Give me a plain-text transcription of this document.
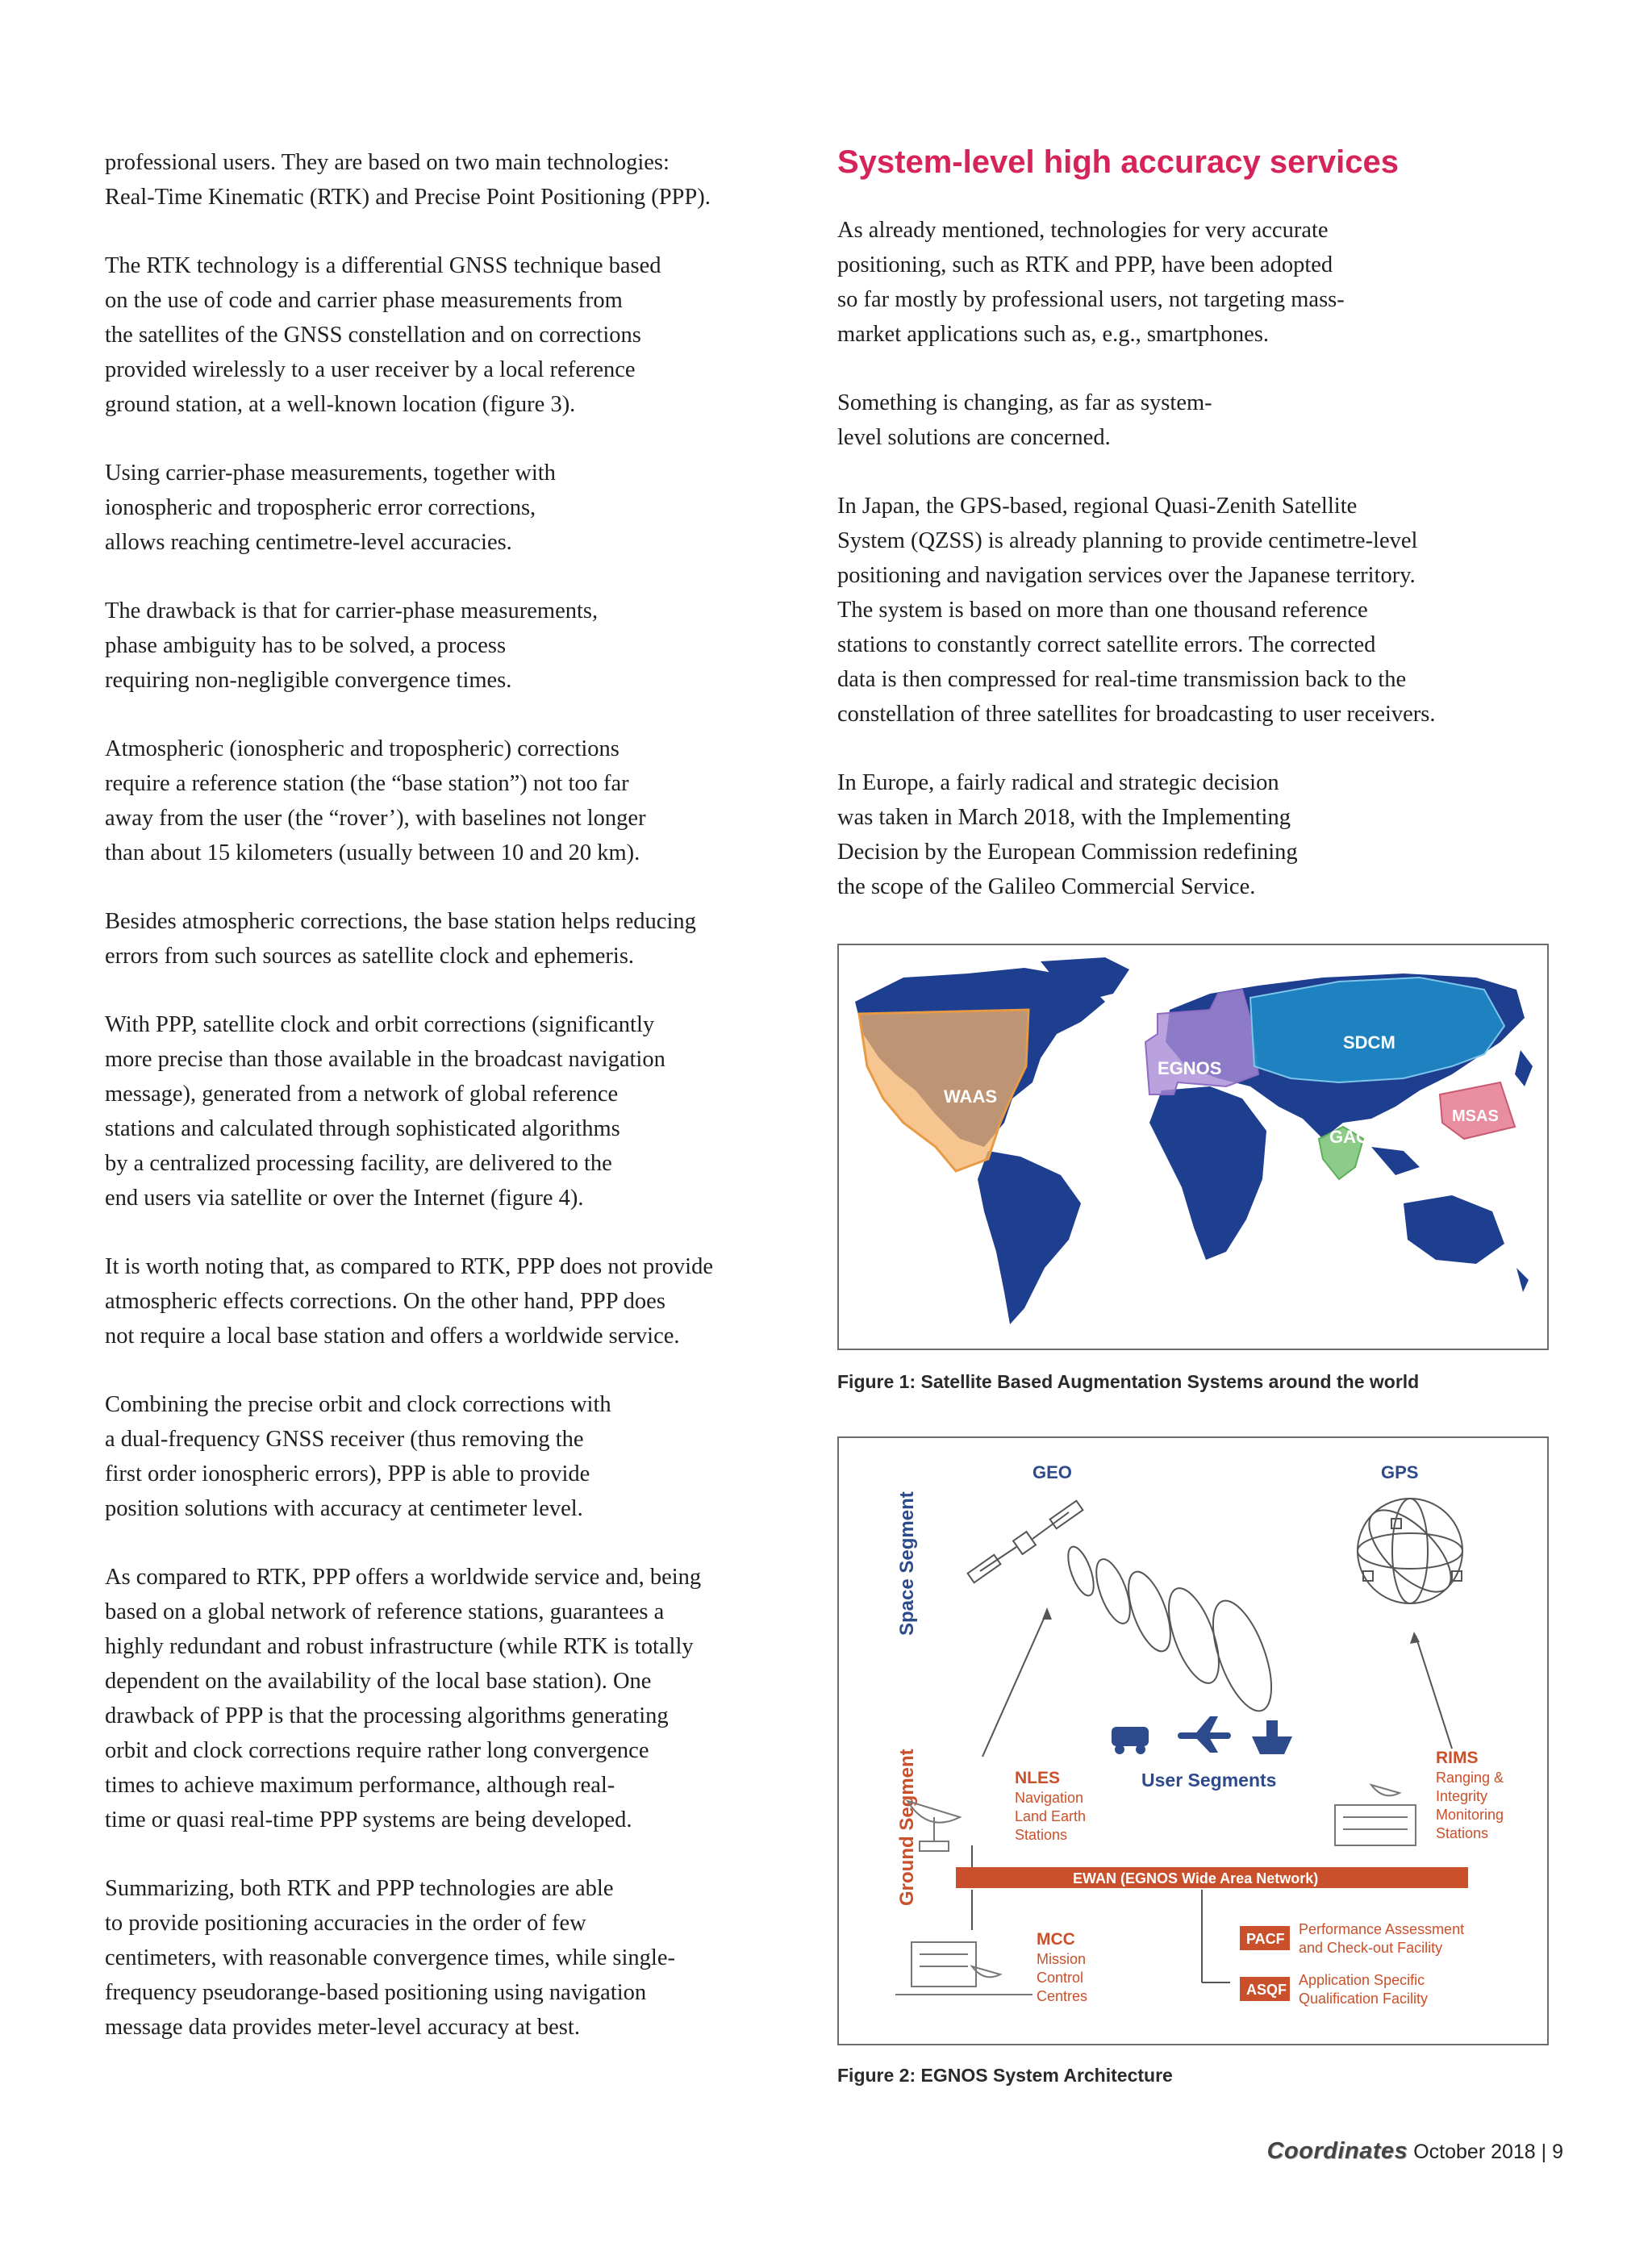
professional users. They are based on two main technologies:
Real-Time Kinematic (RTK) and Precise Point Positioning (PPP).

The RTK technology is a differential GNSS technique based
on the use of code and carrier phase measurements from
the satellites of the GNSS constellation and on corrections
provided wirelessly to a user receiver by a local reference
ground station, at a well-known location (figure 3).

Using carrier-phase measurements, together with
ionospheric and tropospheric error corrections,
allows reaching centimetre-level accuracies.

The drawback is that for carrier-phase measurements,
phase ambiguity has to be solved, a process
requiring non-negligible convergence times.

Atmospheric (ionospheric and tropospheric) corrections
require a reference station (the “base station”) not too far
away from the user (the “rover’), with baselines not longer
than about 15 kilometers (usually between 10 and 20 km).

Besides atmospheric corrections, the base station helps reducing
errors from such sources as satellite clock and ephemeris.

With PPP, satellite clock and orbit corrections (significantly
more precise than those available in the broadcast navigation
message), generated from a network of global reference
stations and calculated through sophisticated algorithms
by a centralized processing facility, are delivered to the
end users via satellite or over the Internet (figure 4).

It is worth noting that, as compared to RTK, PPP does not provide
atmospheric effects corrections. On the other hand, PPP does
not require a local base station and offers a worldwide service.

Combining the precise orbit and clock corrections with
a dual-frequency GNSS receiver (thus removing the
first order ionospheric errors), PPP is able to provide
position solutions with accuracy at centimeter level.

As compared to RTK, PPP offers a worldwide service and, being
based on a global network of reference stations, guarantees a
highly redundant and robust infrastructure (while RTK is totally
dependent on the availability of the local base station). One
drawback of PPP is that the processing algorithms generating
orbit and clock corrections require rather long convergence
times to achieve maximum performance, although real-
time or quasi real-time PPP systems are being developed.

Summarizing, both RTK and PPP technologies are able
to provide positioning accuracies in the order of few
centimeters, with reasonable convergence times, while single-
frequency pseudorange-based positioning using navigation
message data provides meter-level accuracy at best.

System-level high accuracy services

As already mentioned, technologies for very accurate
positioning, such as RTK and PPP, have been adopted
so far mostly by professional users, not targeting mass-
market applications such as, e.g., smartphones.

Something is changing, as far as system-
level solutions are concerned.

In Japan, the GPS-based, regional Quasi-Zenith Satellite
System (QZSS) is already planning to provide centimetre-level
positioning and navigation services over the Japanese territory.
The system is based on more than one thousand reference
stations to constantly correct satellite errors. The corrected
data is then compressed for real-time transmission back to the
constellation of three satellites for broadcasting to user receivers.

In Europe, a fairly radical and strategic decision
was taken in March 2018, with the Implementing
Decision by the European Commission redefining
the scope of the Galileo Commercial Service.

WAAS
EGNOS
SDCM
GAGAN
MSAS
Figure 1: Satellite Based Augmentation Systems around the world
Space Segment
Ground Segment
GEO	GPS
User Segments
NLES
Navigation
Land Earth
Stations
RIMS
Ranging &
Integrity
Monitoring
Stations
EWAN (EGNOS Wide Area Network)
MCC
Mission
Control
Centres
PACF
Performance Assessment
and Check-out Facility
ASQF
Application Specific
Qualification Facility
Figure 2: EGNOS System Architecture
Coordinates October 2018 | 9
